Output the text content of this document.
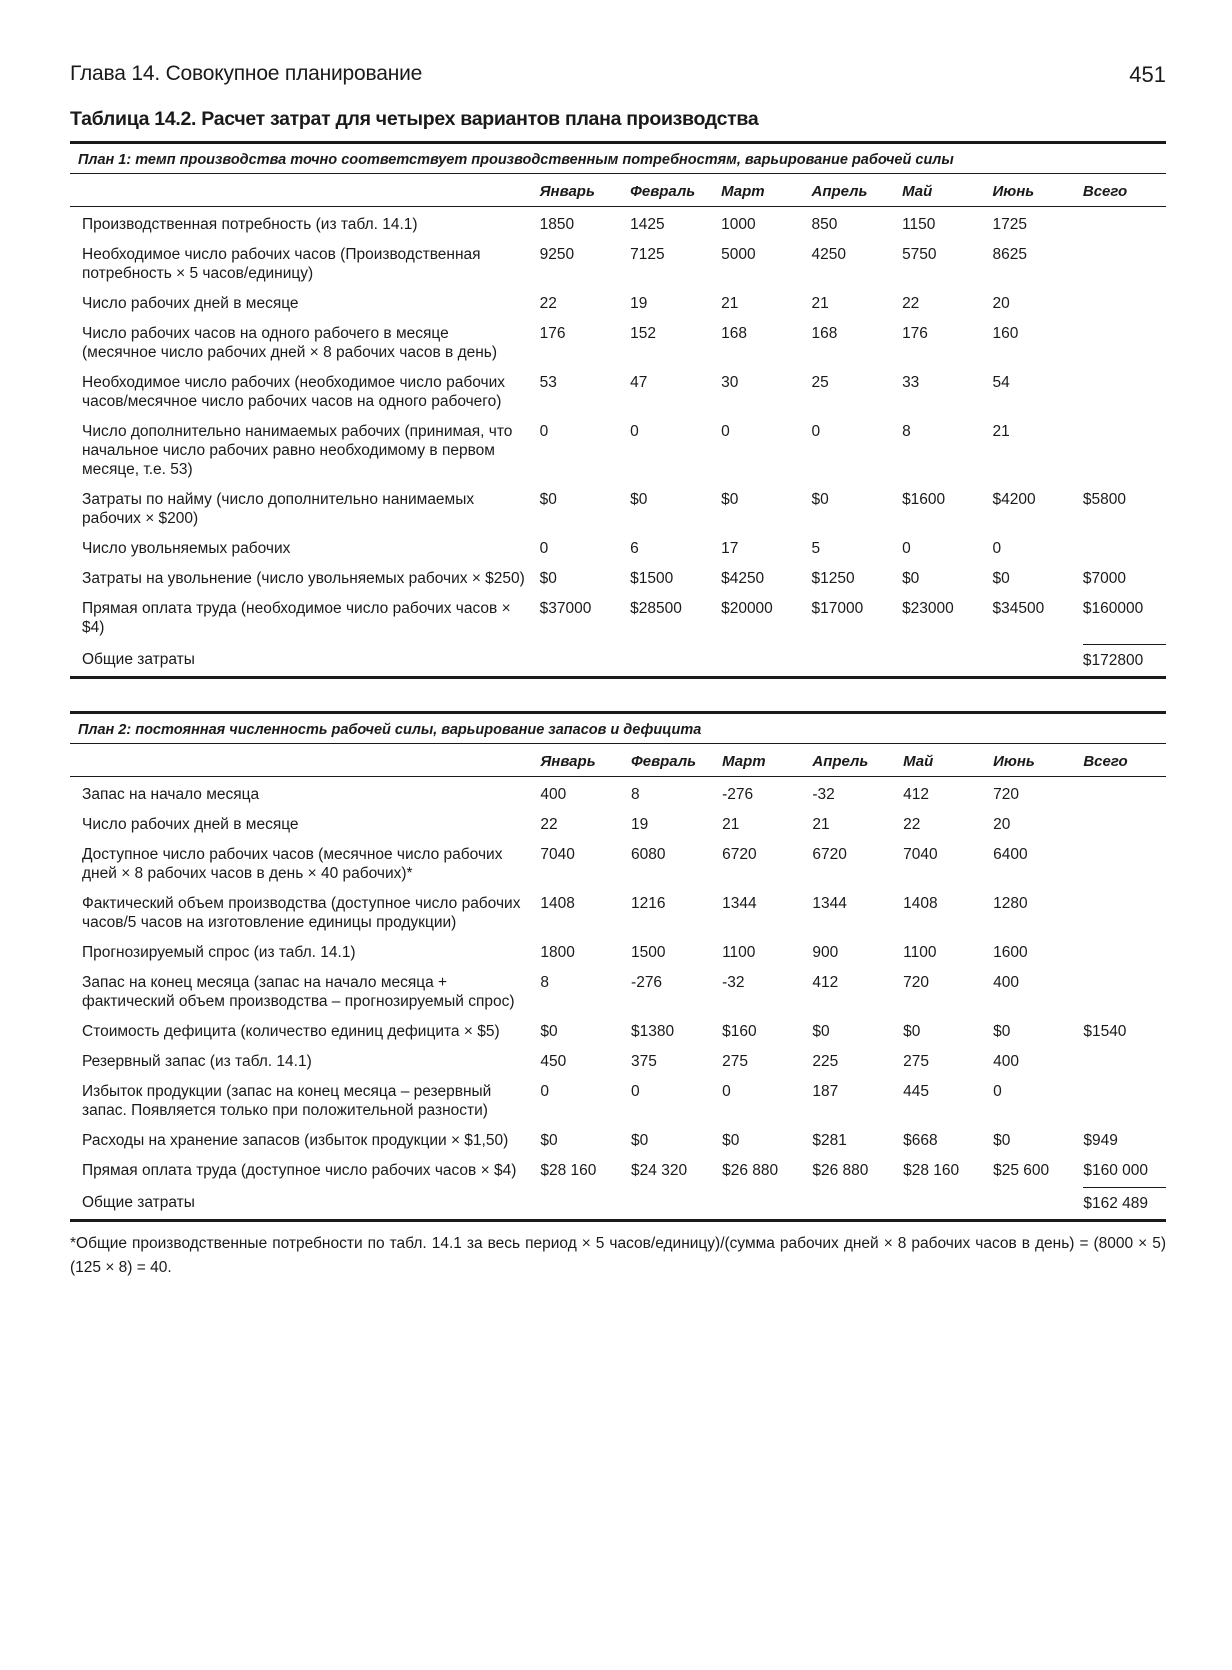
Глава 14. Совокупное планирование	451
Таблица 14.2. Расчет затрат для четырех вариантов плана производства
План 1: темп производства точно соответствует производственным потребностям, варьирование рабочей силы
	Январь	Февраль	Март	Апрель	Май	Июнь	Всего
Производственная потребность (из табл. 14.1)	1850	1425	1000	850	1150	1725	
Необходимое число рабочих часов (Производственная потребность × 5 часов/единицу)	9250	7125	5000	4250	5750	8625	
Число рабочих дней в месяце	22	19	21	21	22	20	
Число рабочих часов на одного рабочего в месяце (месячное число рабочих дней × 8 рабочих часов в день)	176	152	168	168	176	160	
Необходимое число рабочих (необходимое число рабочих часов/месячное число рабочих часов на одного рабочего)	53	47	30	25	33	54	
Число дополнительно нанимаемых рабочих (принимая, что начальное число рабочих равно необходимому в первом месяце, т.е. 53)	0	0	0	0	8	21	
Затраты по найму (число дополнительно нанимаемых рабочих × $200)	$0	$0	$0	$0	$1600	$4200	$5800
Число увольняемых рабочих	0	6	17	5	0	0	
Затраты на увольнение (число увольняемых рабочих × $250)	$0	$1500	$4250	$1250	$0	$0	$7000
Прямая оплата труда (необходимое число рабочих часов × $4)	$37000	$28500	$20000	$17000	$23000	$34500	$160000
Общие затраты							$172800
План 2: постоянная численность рабочей силы, варьирование запасов и дефицита
	Январь	Февраль	Март	Апрель	Май	Июнь	Всего
Запас на начало месяца	400	8	-276	-32	412	720	
Число рабочих дней в месяце	22	19	21	21	22	20	
Доступное число рабочих часов (месячное число рабочих дней × 8 рабочих часов в день × 40 рабочих)*	7040	6080	6720	6720	7040	6400	
Фактический объем производства (доступное число рабочих часов/5 часов на изготовление единицы продукции)	1408	1216	1344	1344	1408	1280	
Прогнозируемый спрос (из табл. 14.1)	1800	1500	1100	900	1100	1600	
Запас на конец месяца (запас на начало месяца + фактический объем производства – прогнозируемый спрос)	8	-276	-32	412	720	400	
Стоимость дефицита (количество единиц дефицита × $5)	$0	$1380	$160	$0	$0	$0	$1540
Резервный запас (из табл. 14.1)	450	375	275	225	275	400	
Избыток продукции (запас на конец месяца – резервный запас. Появляется только при положительной разности)	0	0	0	187	445	0	
Расходы на хранение запасов (избыток продукции × $1,50)	$0	$0	$0	$281	$668	$0	$949
Прямая оплата труда (доступное число рабочих часов × $4)	$28 160	$24 320	$26 880	$26 880	$28 160	$25 600	$160 000
Общие затраты							$162 489
*Общие производственные потребности по табл. 14.1 за весь период × 5 часов/единицу)/(сумма рабочих дней × 8 рабочих часов в день) = (8000 × 5)(125 × 8) = 40.
